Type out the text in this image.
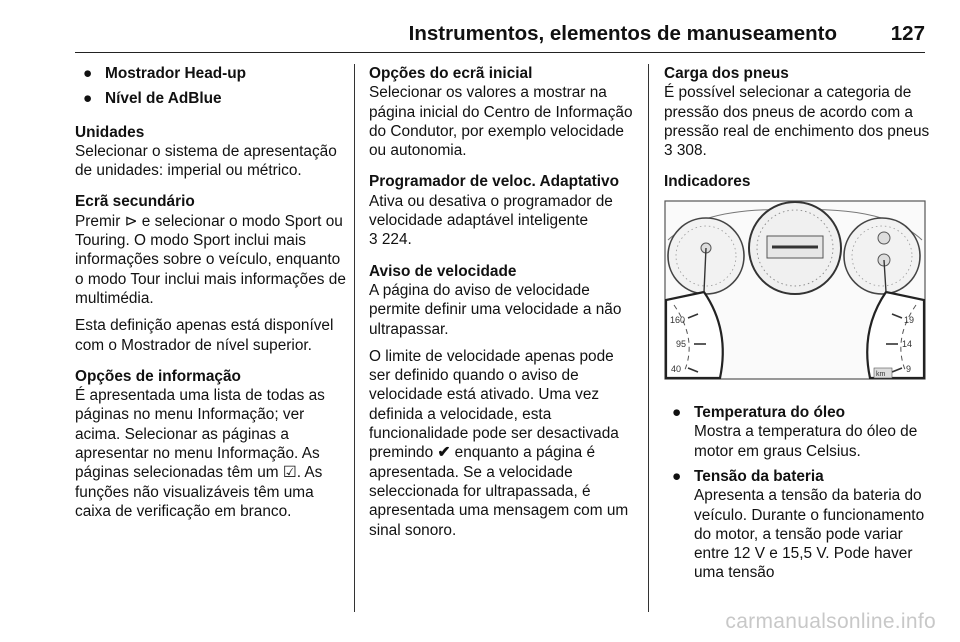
Instrumentos, elementos de manuseamento	127
● Mostrador Head-up
● Nível de AdBlue
Unidades

Selecionar o sistema de apresentação de unidades: imperial ou métrico.

Ecrã secundário

Premir ⊳ e selecionar o modo Sport ou Touring. O modo Sport inclui mais informações sobre o veículo, enquanto o modo Tour inclui mais informações de multimédia.

Esta definição apenas está disponível com o Mostrador de nível superior.

Opções de informação

É apresentada uma lista de todas as páginas no menu Informação; ver acima. Selecionar as páginas a apresentar no menu Informação. As páginas selecionadas têm um ☑. As funções não visualizáveis têm uma caixa de verificação em branco.

Opções do ecrã inicial

Selecionar os valores a mostrar na página inicial do Centro de Informação do Condutor, por exemplo velocidade ou autonomia.

Programador de veloc. Adaptativo

Ativa ou desativa o programador de velocidade adaptável inteligente

3 224.

Aviso de velocidade

A página do aviso de velocidade permite definir uma velocidade a não ultrapassar.

O limite de velocidade apenas pode ser definido quando o aviso de velocidade está ativado. Uma vez definida a velocidade, esta funcionalidade pode ser desactivada premindo ✔ enquanto a página é apresentada. Se a velocidade seleccionada for ultrapassada, é apresentada uma mensagem com um sinal sonoro.

Carga dos pneus

É possível selecionar a categoria de pressão dos pneus de acordo com a pressão real de enchimento dos pneus 3 308.

Indicadores
160
95
40
19
14
9
km
● Temperatura do óleo
Mostra a temperatura do óleo de motor em graus Celsius.
● Tensão da bateria
Apresenta a tensão da bateria do veículo. Durante o funcionamento do motor, a tensão pode variar entre 12 V e 15,5 V. Pode haver uma tensão
carmanualsonline.info
